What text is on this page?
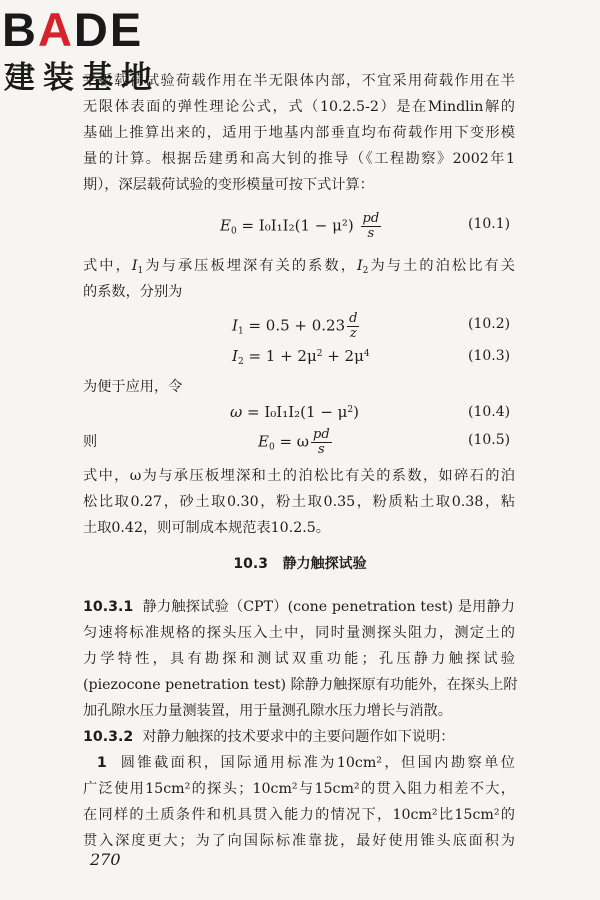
BADE
建装基地
平板载荷试验荷载作用在半无限体内部，不宜采用荷载作用在半
无限体表面的弹性理论公式，式（10.2.5-2）是在Mindlin解的
基础上推算出来的，适用于地基内部垂直均布荷载作用下变形模
量的计算。根据岳建勇和高大钊的推导（《工程勘察》2002年1
期），深层载荷试验的变形模量可按下式计算：
$E_0 = I_0I_1I_2(1 - \mu^2) \frac{pd}{s}$	(10.1)
式中，$I_1$为与承压板埋深有关的系数，$I_2$为与土的泊松比有关
的系数，分别为
$I_1 = 0.5 + 0.23 \frac{d}{z}$	(10.2)
$I_2 = 1 + 2\mu^2 + 2\mu^4$	(10.3)
为便于应用，令
$\omega = I_0I_1I_2(1 - \mu^2)$	(10.4)
则	$E_0 = \omega \frac{pd}{s}$	(10.5)
式中，ω为与承压板埋深和土的泊松比有关的系数，如碎石的泊
松比取0.27，砂土取0.30，粉土取0.35，粉质粘土取0.38，粘
土取0.42，则可制成本规范表10.2.5。
10.3 静力触探试验
10.3.1 静力触探试验（CPT）(cone penetration test) 是用静力
匀速将标准规格的探头压入土中，同时量测探头阻力，测定土的
力学特性，具有勘探和测试双重功能；孔压静力触探试验
(piezocone penetration test) 除静力触探原有功能外，在探头上附
加孔隙水压力量测装置，用于量测孔隙水压力增长与消散。
10.3.2 对静力触探的技术要求中的主要问题作如下说明：
1 圆锥截面积，国际通用标准为10cm²，但国内勘察单位
广泛使用15cm²的探头；10cm²与15cm²的贯入阻力相差不大，
在同样的土质条件和机具贯入能力的情况下，10cm²比15cm²的
贯入深度更大；为了向国际标准靠拢，最好使用锥头底面积为
270
